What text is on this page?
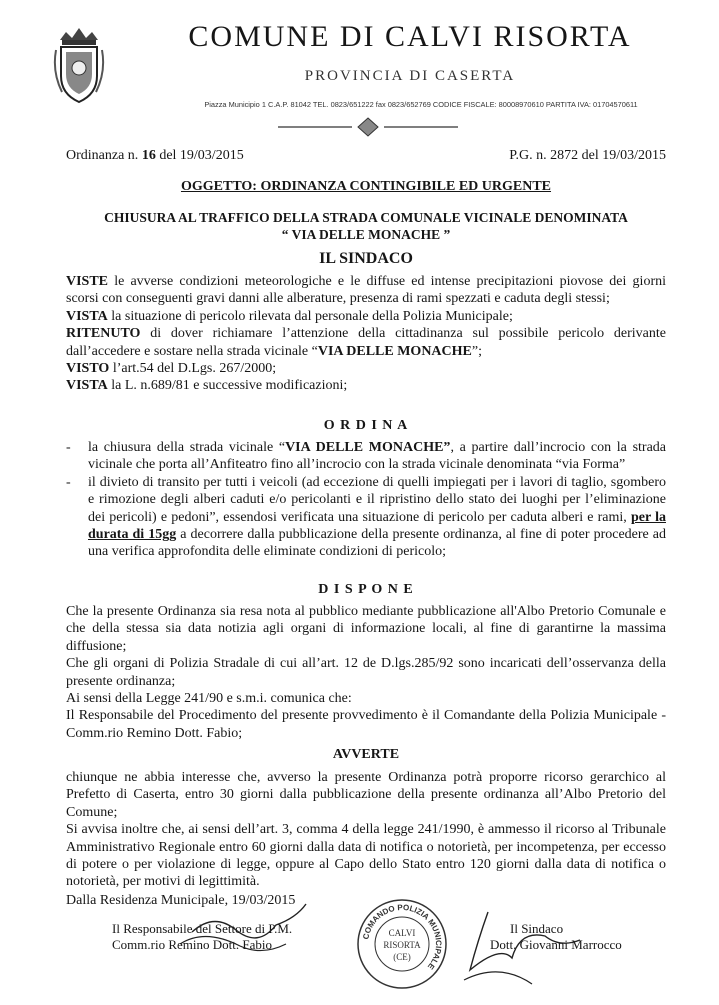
COMUNE DI CALVI RISORTA
PROVINCIA DI CASERTA
Piazza Municipio 1 C.A.P. 81042 TEL. 0823/651222 fax 0823/652769 CODICE FISCALE: 80008970610 PARTITA IVA: 01704570611
Ordinanza n. 16 del 19/03/2015	P.G. n. 2872 del 19/03/2015
OGGETTO: ORDINANZA CONTINGIBILE ED URGENTE
CHIUSURA AL TRAFFICO DELLA STRADA COMUNALE VICINALE DENOMINATA
“ VIA DELLE MONACHE ”
IL SINDACO

VISTE le avverse condizioni meteorologiche e le diffuse ed intense precipitazioni piovose dei giorni scorsi con conseguenti gravi danni alle alberature, presenza di rami spezzati e caduta degli stessi;

VISTA la situazione di pericolo rilevata dal personale della Polizia Municipale;

RITENUTO di dover richiamare l’attenzione della cittadinanza sul possibile pericolo derivante dall’accedere e sostare nella strada vicinale “VIA DELLE MONACHE”;

VISTO l’art.54 del D.Lgs. 267/2000;

VISTA la L. n.689/81 e successive modificazioni;

O R D I N A

- la chiusura della strada vicinale “VIA DELLE MONACHE”, a partire dall’incrocio con la strada vicinale che porta all’Anfiteatro fino all’incrocio con la strada vicinale denominata “via Forma”

- il divieto di transito per tutti i veicoli (ad eccezione di quelli impiegati per i lavori di taglio, sgombero e rimozione degli alberi caduti e/o pericolanti e il ripristino dello stato dei luoghi per l’eliminazione dei pericoli) e pedoni”, essendosi verificata una situazione di pericolo per caduta alberi e rami, per la durata di 15gg a decorrere dalla pubblicazione della presente ordinanza, al fine di poter procedere ad una verifica approfondita delle eliminate condizioni di pericolo;

D I S P O N E

Che la presente Ordinanza sia resa nota al pubblico mediante pubblicazione all'Albo Pretorio Comunale e che della stessa sia data notizia agli organi di informazione locali, al fine di garantirne la massima diffusione;

Che gli organi di Polizia Stradale di cui all’art. 12 de D.lgs.285/92 sono incaricati dell’osservanza della presente ordinanza;

Ai sensi della Legge 241/90 e s.m.i. comunica che:

Il Responsabile del Procedimento del presente provvedimento è il Comandante della Polizia Municipale - Comm.rio Remino Dott. Fabio;

AVVERTE

chiunque ne abbia interesse che, avverso la presente Ordinanza potrà proporre ricorso gerarchico al Prefetto di Caserta, entro 30 giorni dalla pubblicazione della presente ordinanza all’Albo Pretorio del Comune;

Si avvisa inoltre che, ai sensi dell’art. 3, comma 4 della legge 241/1990, è ammesso il ricorso al Tribunale Amministrativo Regionale entro 60 giorni dalla data di notifica o notorietà, per incompetenza, per eccesso di potere o per violazione di legge, oppure al Capo dello Stato entro 120 giorni dalla data di notifica o notorietà, per motivi di legittimità.

Dalla Residenza Municipale, 19/03/2015
Il Responsabile del Settore di P.M.
Comm.rio Remino Dott. Fabio
Il Sindaco
Dott. Giovanni Marrocco
COMANDO POLIZIA MUNICIPALE
CALVI
RISORTA
(CE)
